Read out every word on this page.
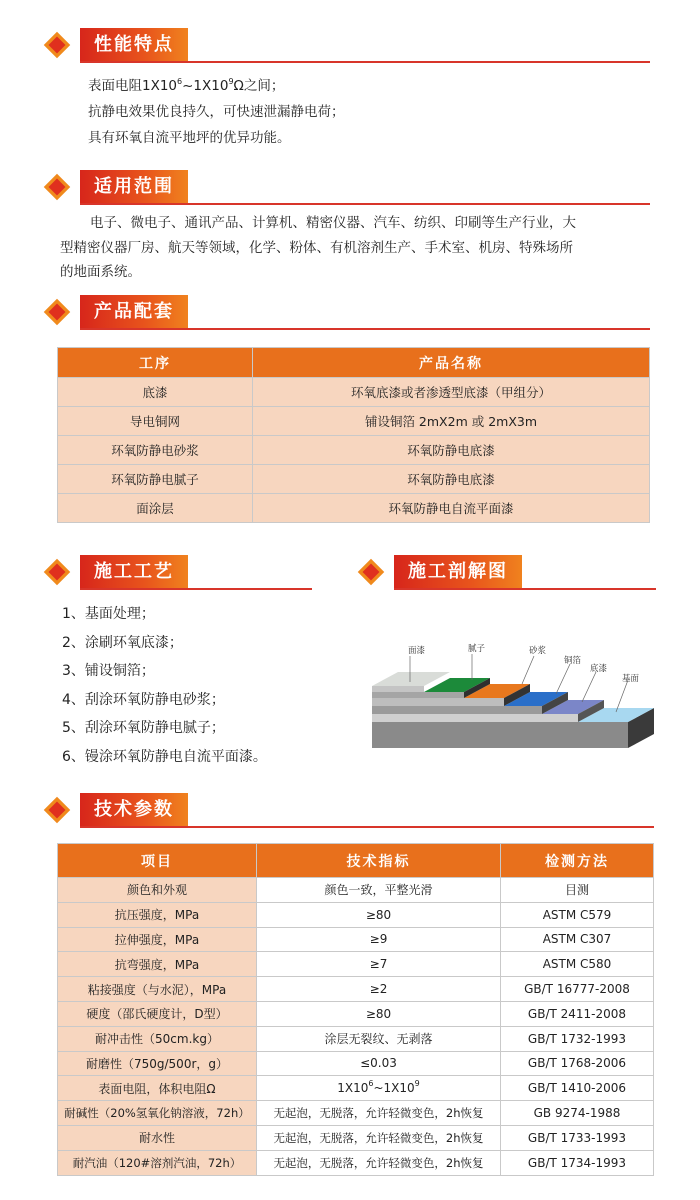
性能特点
表面电阻$1X10^6\sim 1X10^9\Omega$之间；
抗静电效果优良持久，可快速泄漏静电荷；
具有环氧自流平地坪的优异功能。
适用范围
电子、微电子、通讯产品、计算机、精密仪器、汽车、纺织、印刷等生产行业，大
型精密仪器厂房、航天等领域，化学、粉体、有机溶剂生产、手术室、机房、特殊场所
的地面系统。
产品配套
工序	产品名称
底漆	环氧底漆或者渗透型底漆（甲组分）
导电铜网	铺设铜箔 2mX2m 或 2mX3m
环氧防静电砂浆	环氧防静电底漆
环氧防静电腻子	环氧防静电底漆
面涂层	环氧防静电自流平面漆
施工工艺
1、基面处理；
2、涂刷环氧底漆；
3、铺设铜箔；
4、刮涂环氧防静电砂浆；
5、刮涂环氧防静电腻子；
6、镘涂环氧防静电自流平面漆。
施工剖解图
面漆	腻子	砂浆
铜箔
底漆
基面
技术参数
项目	技术指标	检测方法
颜色和外观	颜色一致，平整光滑	目测
抗压强度，MPa	≥80	ASTM C579
拉伸强度，MPa	≥9	ASTM C307
抗弯强度，MPa	≥7	ASTM C580
粘接强度（与水泥），MPa	≥2	GB/T 16777-2008
硬度（邵氏硬度计，D型）	≥80	GB/T 2411-2008
耐冲击性（50cm.kg）	涂层无裂纹、无剥落	GB/T 1732-1993
耐磨性（750g/500r，g）	≤0.03	GB/T 1768-2006
表面电阻，体积电阻Ω	$1X10^6\sim 1X10^9$	GB/T 1410-2006
耐碱性（20%氢氧化钠溶液，72h）	无起泡，无脱落，允许轻微变色，2h恢复	GB 9274-1988
耐水性	无起泡，无脱落，允许轻微变色，2h恢复	GB/T 1733-1993
耐汽油（120#溶剂汽油，72h）	无起泡，无脱落，允许轻微变色，2h恢复	GB/T 1734-1993
